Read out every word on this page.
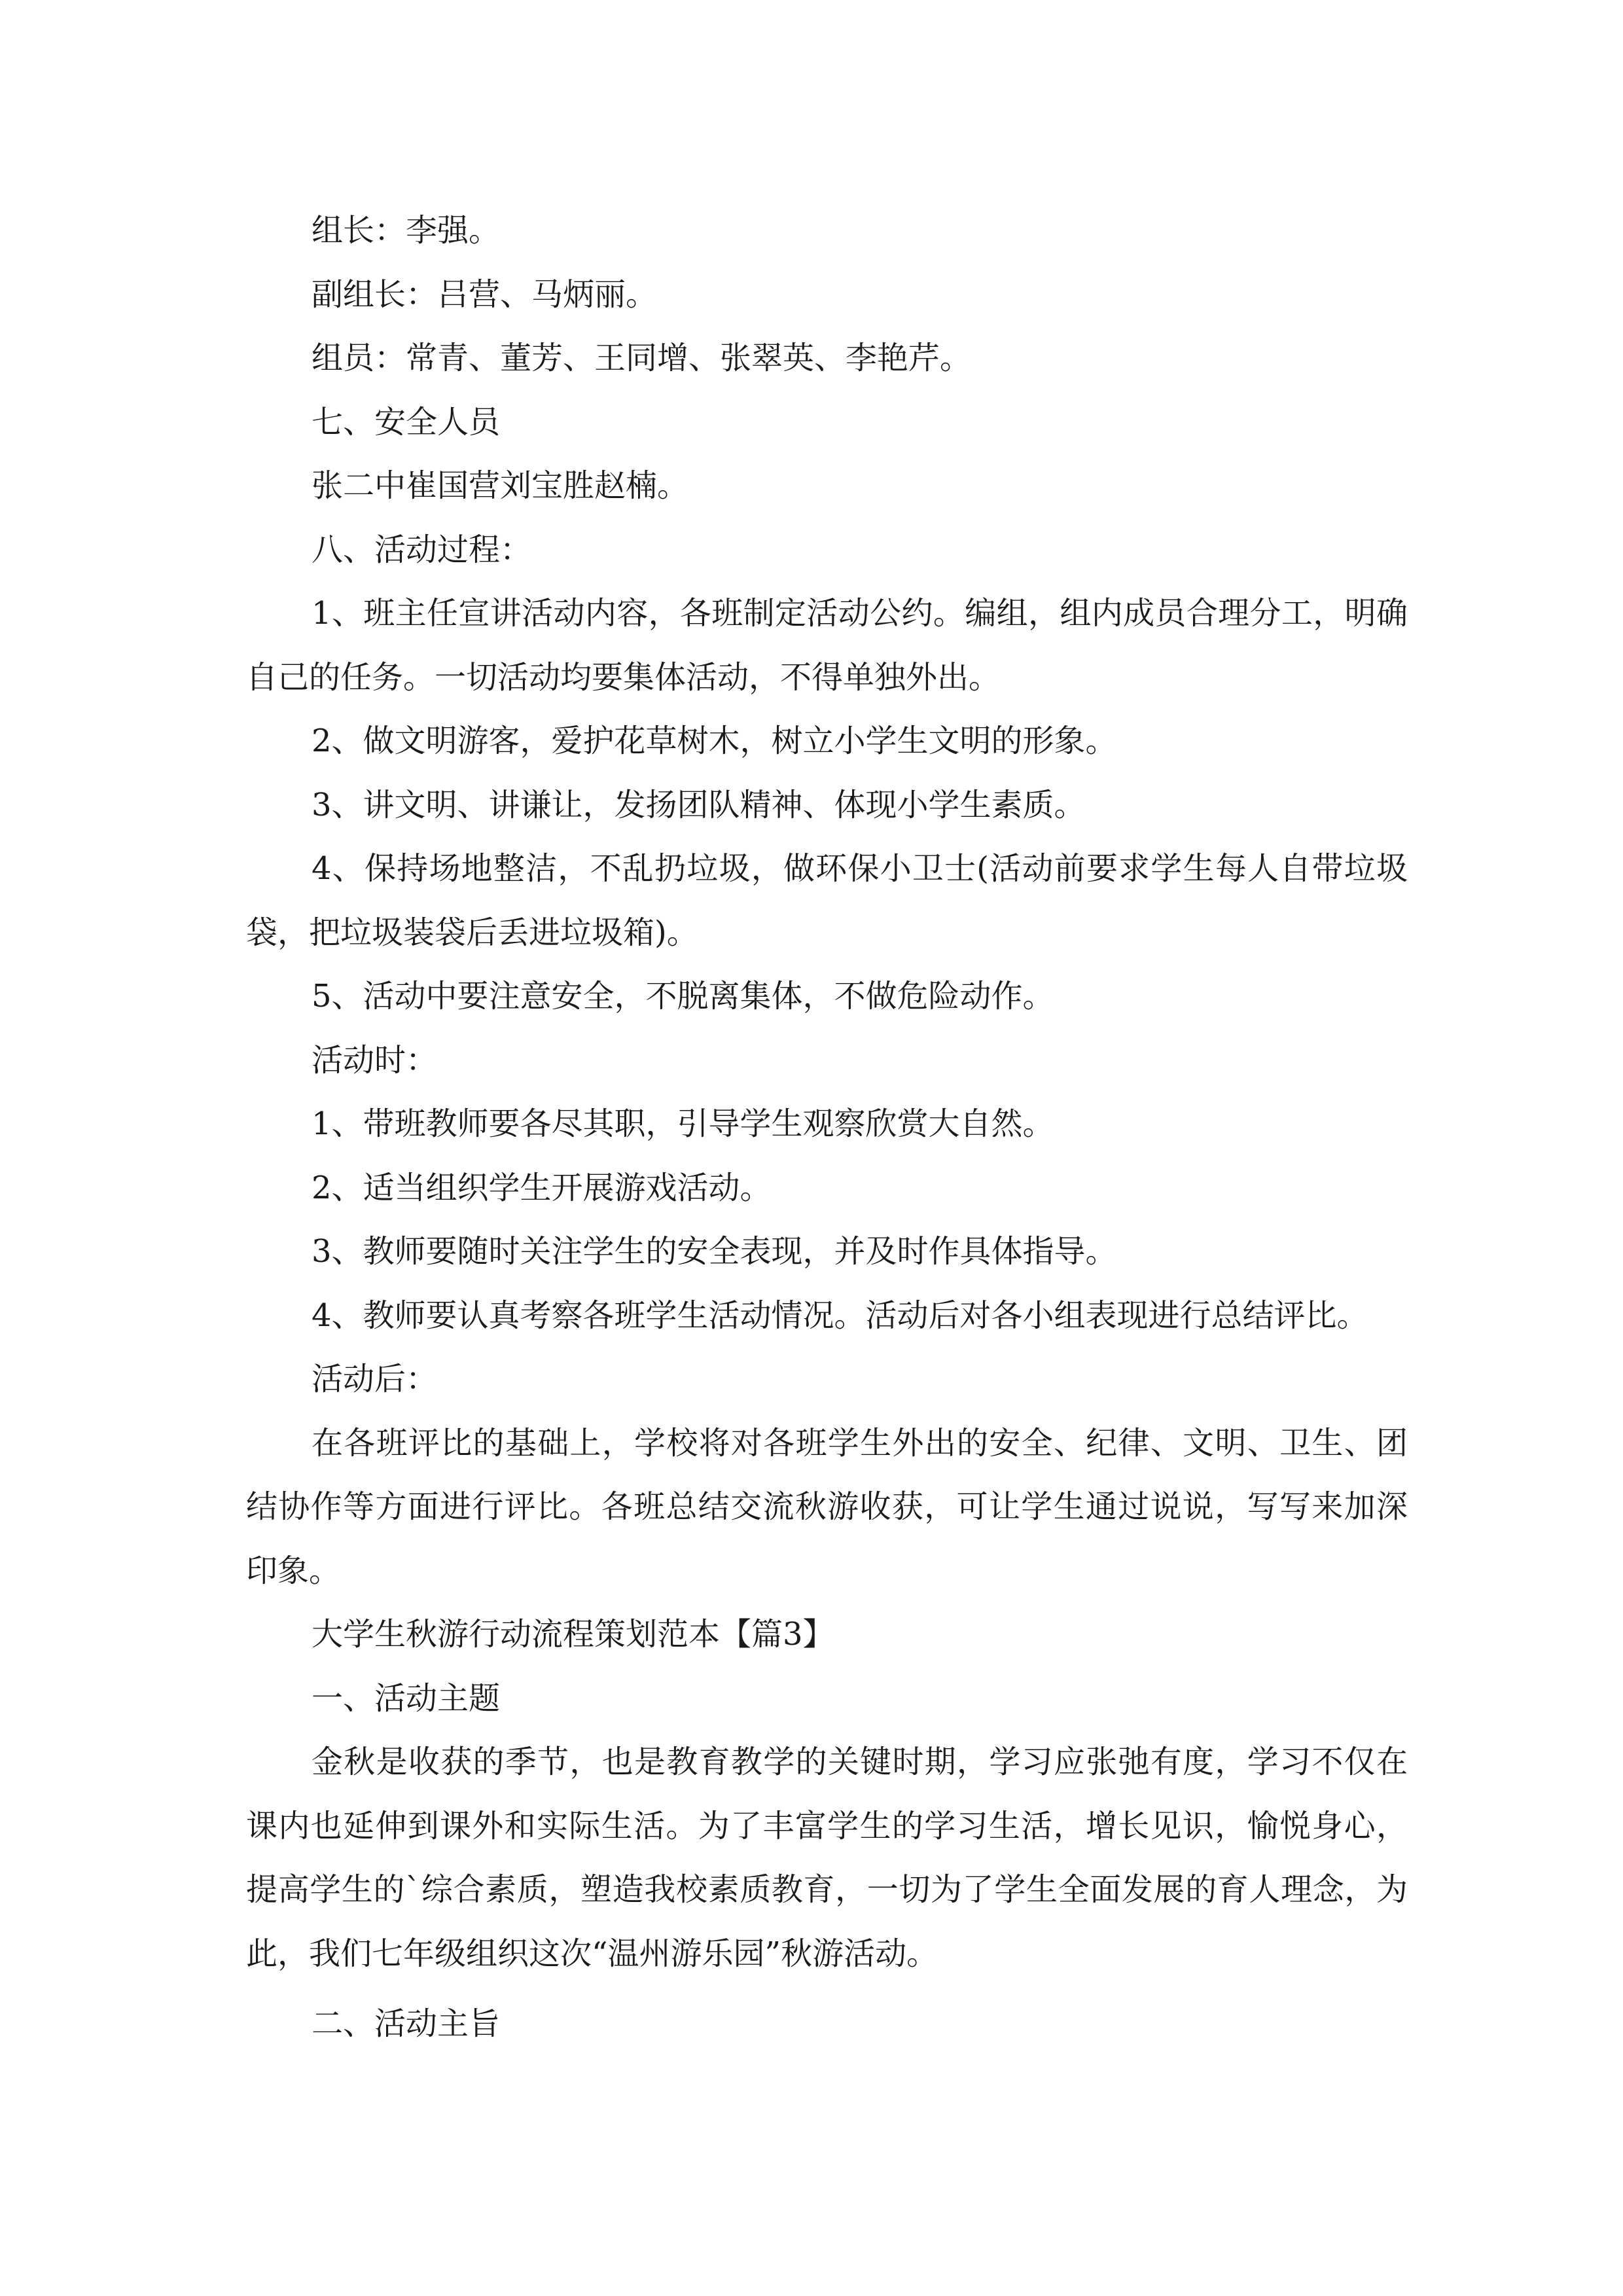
组长：李强。

副组长：吕营、马炳丽。

组员：常青、董芳、王同增、张翠英、李艳芹。

七、安全人员

张二中崔国营刘宝胜赵楠。

八、活动过程：

1、班主任宣讲活动内容，各班制定活动公约。编组，组内成员合理分工，明确自己的任务。一切活动均要集体活动，不得单独外出。

2、做文明游客，爱护花草树木，树立小学生文明的形象。

3、讲文明、讲谦让，发扬团队精神、体现小学生素质。

4、保持场地整洁，不乱扔垃圾，做环保小卫士(活动前要求学生每人自带垃圾袋，把垃圾装袋后丢进垃圾箱)。

5、活动中要注意安全，不脱离集体，不做危险动作。

活动时：

1、带班教师要各尽其职，引导学生观察欣赏大自然。

2、适当组织学生开展游戏活动。

3、教师要随时关注学生的安全表现，并及时作具体指导。

4、教师要认真考察各班学生活动情况。活动后对各小组表现进行总结评比。

活动后：

在各班评比的基础上，学校将对各班学生外出的安全、纪律、文明、卫生、团结协作等方面进行评比。各班总结交流秋游收获，可让学生通过说说，写写来加深印象。

大学生秋游行动流程策划范本【篇3】

一、活动主题

金秋是收获的季节，也是教育教学的关键时期，学习应张弛有度，学习不仅在课内也延伸到课外和实际生活。为了丰富学生的学习生活，增长见识，愉悦身心，提高学生的`综合素质，塑造我校素质教育，一切为了学生全面发展的育人理念，为此，我们七年级组织这次“温州游乐园”秋游活动。

二、活动主旨
